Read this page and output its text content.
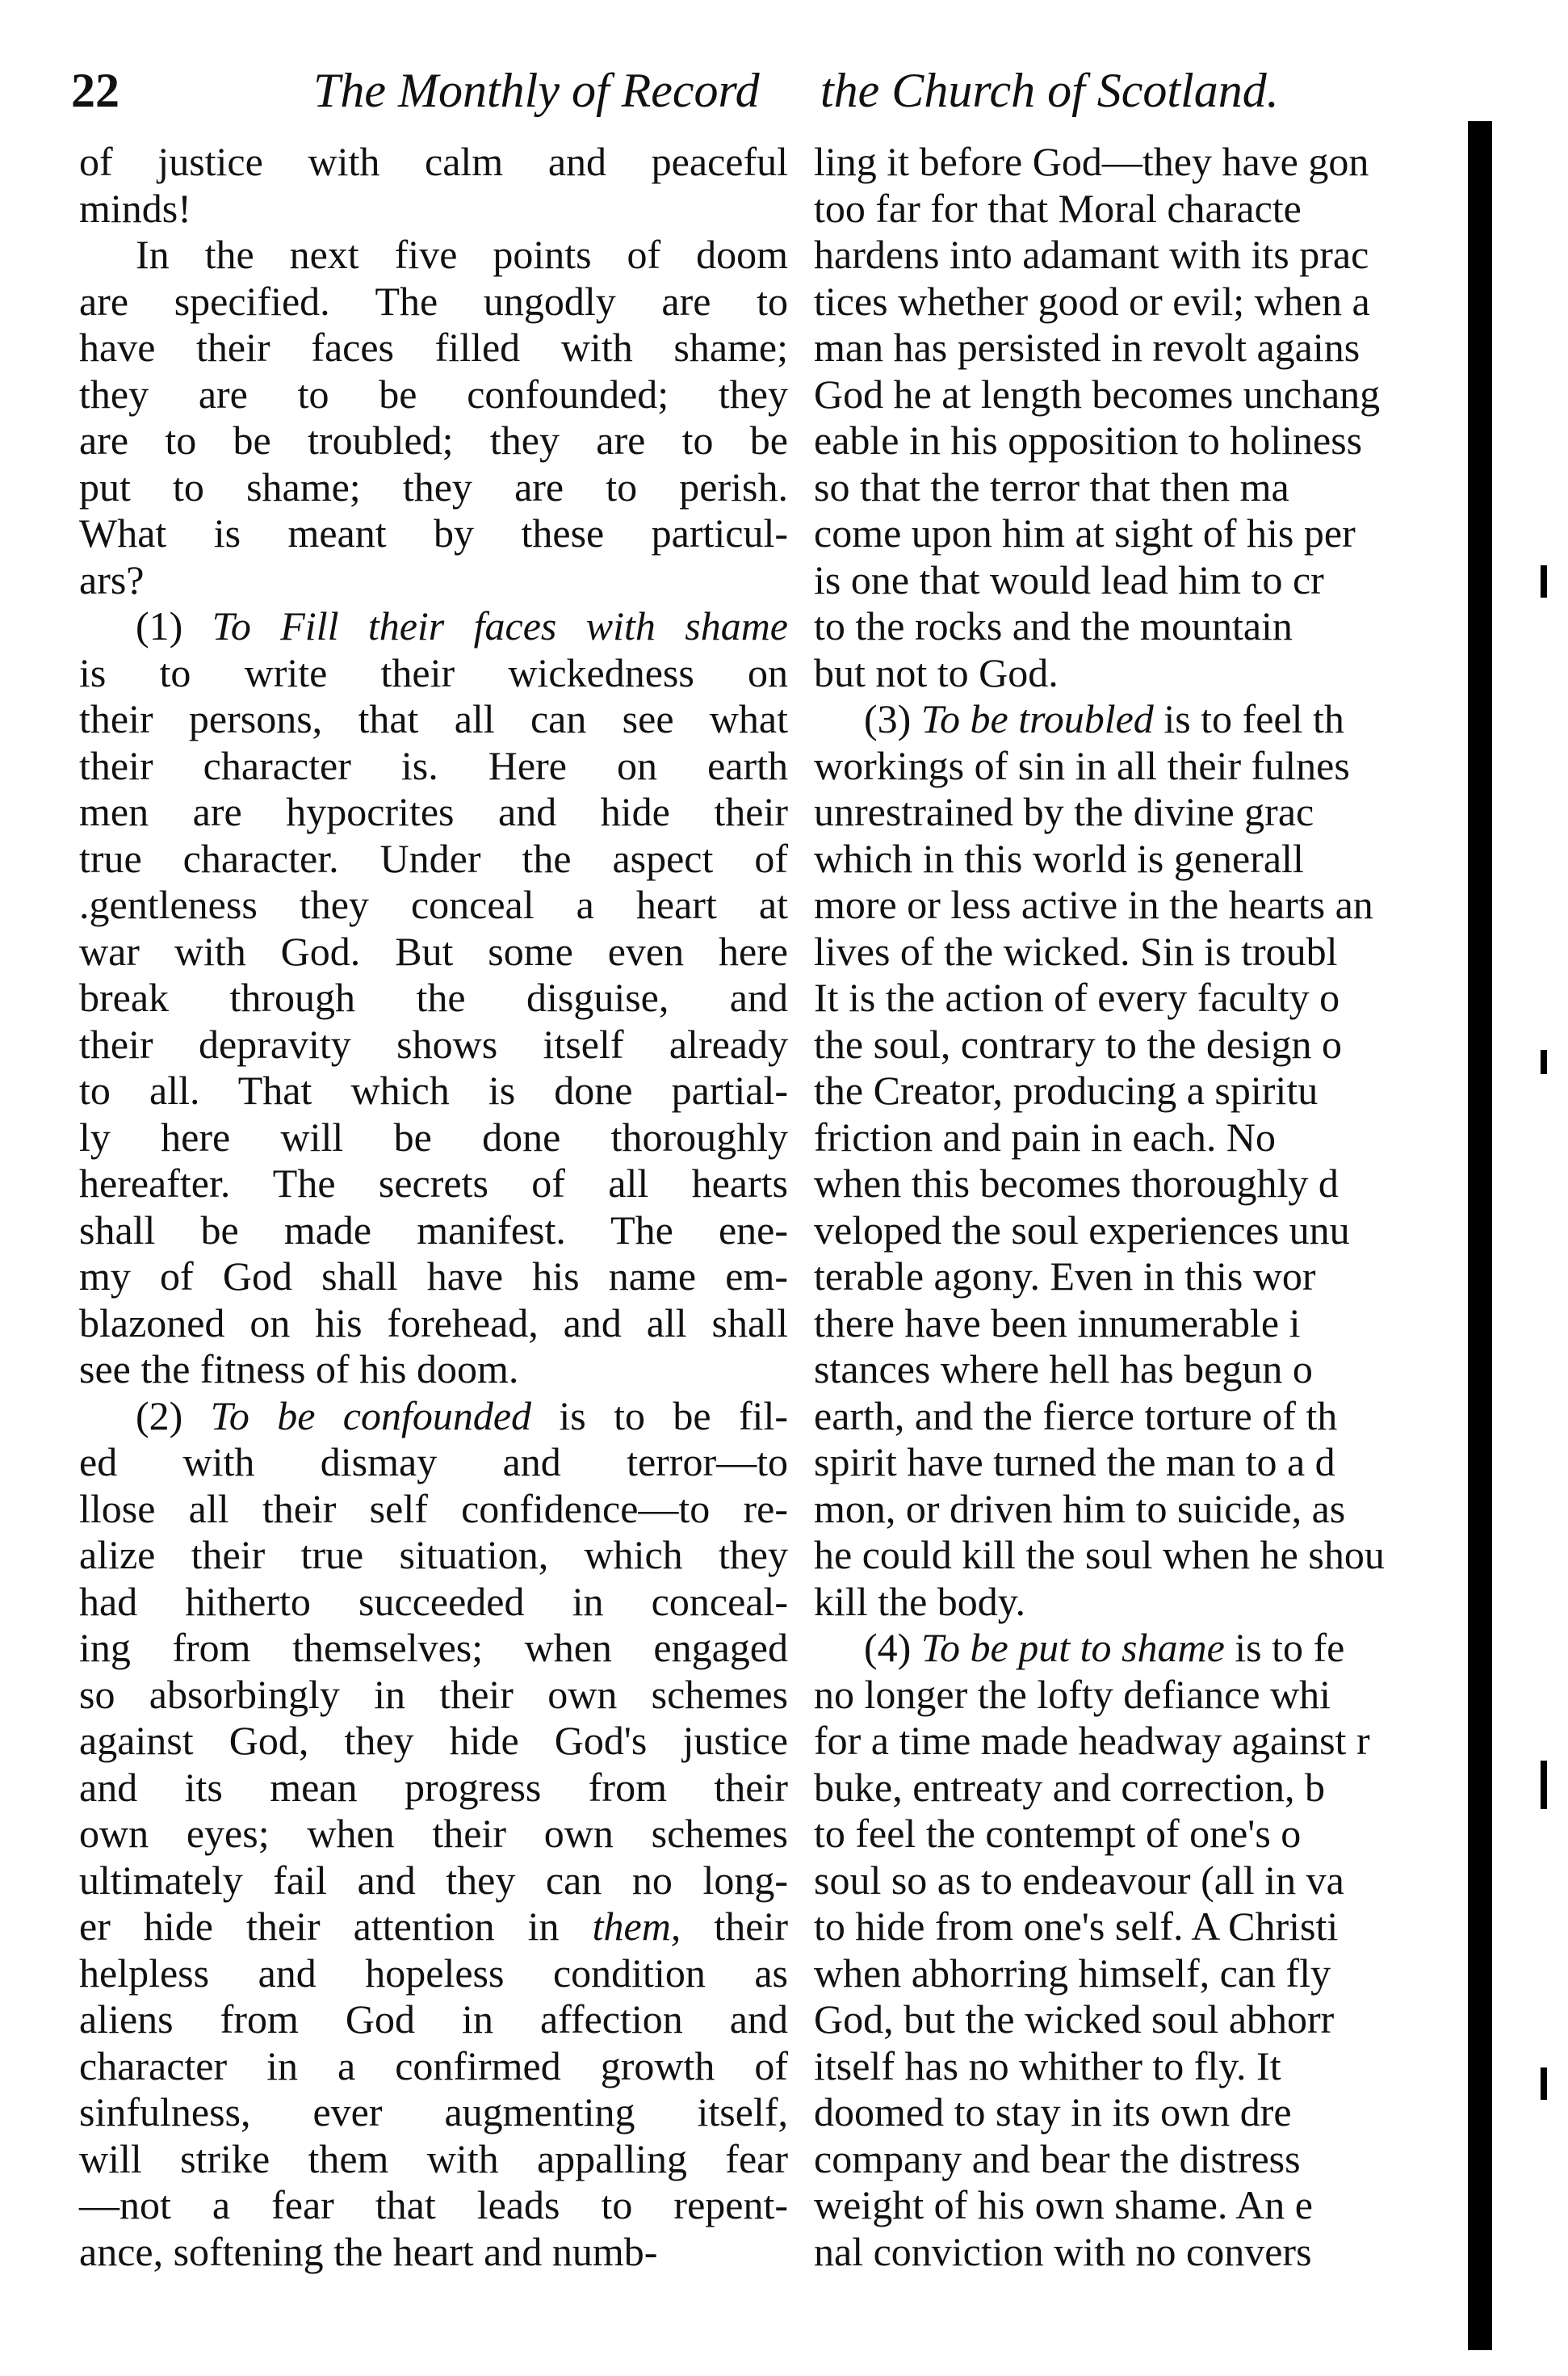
22	The Monthly of Record the Church of Scotland.
of justice with calm and peaceful
minds!
In the next five points of doom
are specified. The ungodly are to
have their faces filled with shame;
they are to be confounded; they
are to be troubled; they are to be
put to shame; they are to perish.
What is meant by these particul-
ars?
(1) To Fill their faces with shame
is to write their wickedness on
their persons, that all can see what
their character is. Here on earth
men are hypocrites and hide their
true character. Under the aspect of
.gentleness they conceal a heart at
war with God. But some even here
break through the disguise, and
their depravity shows itself already
to all. That which is done partial-
ly here will be done thoroughly
hereafter. The secrets of all hearts
shall be made manifest. The ene-
my of God shall have his name em-
blazoned on his forehead, and all shall
see the fitness of his doom.
(2) To be confounded is to be fil-
ed with dismay and terror—to
llose all their self confidence—to re-
alize their true situation, which they
had hitherto succeeded in conceal-
ing from themselves; when engaged
so absorbingly in their own schemes
against God, they hide God's justice
and its mean progress from their
own eyes; when their own schemes
ultimately fail and they can no long-
er hide their attention in them, their
helpless and hopeless condition as
aliens from God in affection and
character in a confirmed growth of
sinfulness, ever augmenting itself,
will strike them with appalling fear
—not a fear that leads to repent-
ance, softening the heart and numb-
ling it before God—they have gon
too far for that Moral characte
hardens into adamant with its prac
tices whether good or evil; when a
man has persisted in revolt agains
God he at length becomes unchang
eable in his opposition to holiness
so that the terror that then ma
come upon him at sight of his per
is one that would lead him to cr
to the rocks and the mountain
but not to God.
(3) To be troubled is to feel th
workings of sin in all their fulnes
unrestrained by the divine grac
which in this world is generall
more or less active in the hearts an
lives of the wicked. Sin is troubl
It is the action of every faculty o
the soul, contrary to the design o
the Creator, producing a spiritu
friction and pain in each. No
when this becomes thoroughly d
veloped the soul experiences unu
terable agony. Even in this wor
there have been innumerable i
stances where hell has begun o
earth, and the fierce torture of th
spirit have turned the man to a d
mon, or driven him to suicide, as
he could kill the soul when he shou
kill the body.
(4) To be put to shame is to fe
no longer the lofty defiance whi
for a time made headway against r
buke, entreaty and correction, b
to feel the contempt of one's o
soul so as to endeavour (all in va
to hide from one's self. A Christi
when abhorring himself, can fly
God, but the wicked soul abhorr
itself has no whither to fly. It
doomed to stay in its own dre
company and bear the distress
weight of his own shame. An e
nal conviction with no convers
